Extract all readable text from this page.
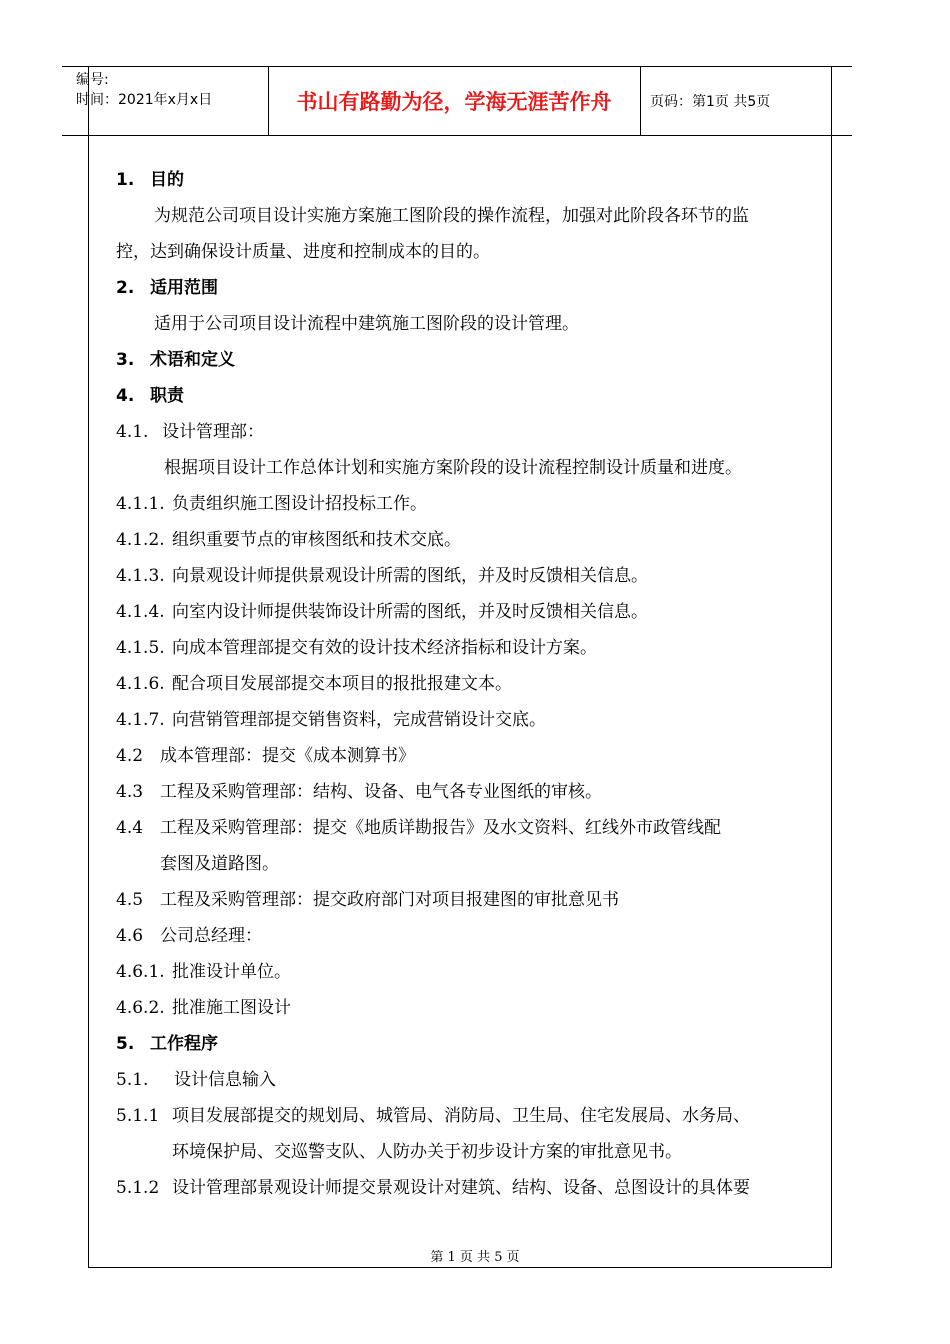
编号:
时间：2021年x月x日	书山有路勤为径，学海无涯苦作舟	页码：第1页 共5页
1. 目的
为规范公司项目设计实施方案施工图阶段的操作流程，加强对此阶段各环节的监
控，达到确保设计质量、进度和控制成本的目的。
2. 适用范围
适用于公司项目设计流程中建筑施工图阶段的设计管理。
3. 术语和定义
4. 职责
4.1. 设计管理部：
根据项目设计工作总体计划和实施方案阶段的设计流程控制设计质量和进度。
4.1.1. 负责组织施工图设计招投标工作。
4.1.2. 组织重要节点的审核图纸和技术交底。
4.1.3. 向景观设计师提供景观设计所需的图纸，并及时反馈相关信息。
4.1.4. 向室内设计师提供装饰设计所需的图纸，并及时反馈相关信息。
4.1.5. 向成本管理部提交有效的设计技术经济指标和设计方案。
4.1.6. 配合项目发展部提交本项目的报批报建文本。
4.1.7. 向营销管理部提交销售资料，完成营销设计交底。
4.2 成本管理部：提交《成本测算书》
4.3 工程及采购管理部：结构、设备、电气各专业图纸的审核。
4.4 工程及采购管理部：提交《地质详勘报告》及水文资料、红线外市政管线配
套图及道路图。
4.5 工程及采购管理部：提交政府部门对项目报建图的审批意见书
4.6 公司总经理：
4.6.1. 批准设计单位。
4.6.2. 批准施工图设计
5. 工作程序
5.1. 设计信息输入
5.1.1 项目发展部提交的规划局、城管局、消防局、卫生局、住宅发展局、水务局、
环境保护局、交巡警支队、人防办关于初步设计方案的审批意见书。
5.1.2 设计管理部景观设计师提交景观设计对建筑、结构、设备、总图设计的具体要
第 1 页 共 5 页
